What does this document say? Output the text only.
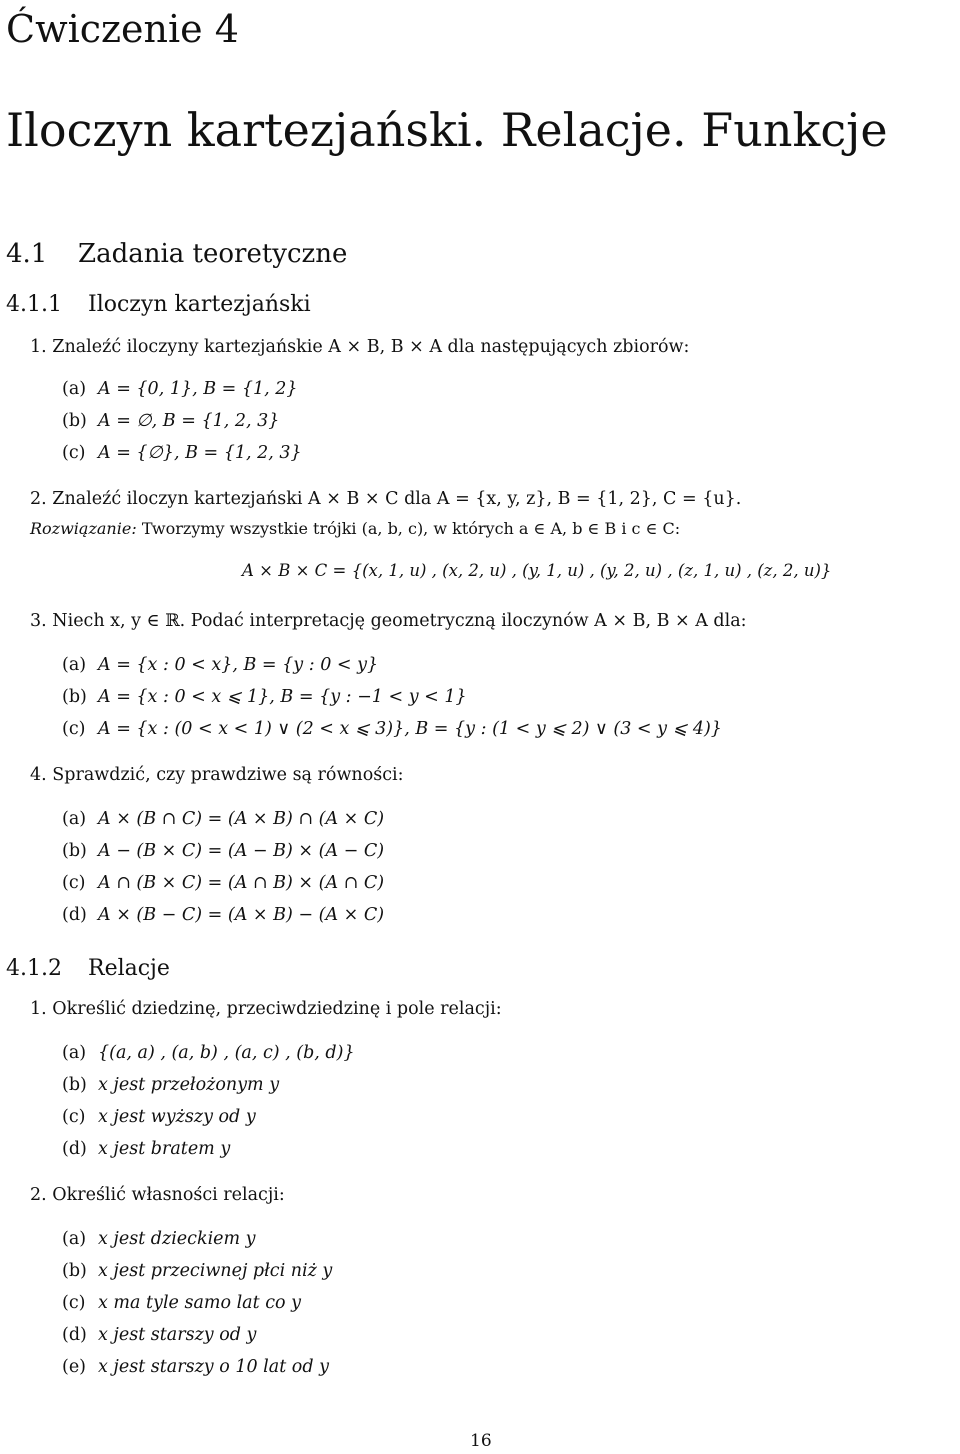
Ćwiczenie 4
Iloczyn kartezjański. Relacje. Funkcje
4.1 Zadania teoretyczne
4.1.1 Iloczyn kartezjański
1. Znaleźć iloczyny kartezjańskie A × B, B × A dla następujących zbiorów:
(a) A = {0, 1}, B = {1, 2}
(b) A = ∅, B = {1, 2, 3}
(c) A = {∅}, B = {1, 2, 3}
2. Znaleźć iloczyn kartezjański A × B × C dla A = {x, y, z}, B = {1, 2}, C = {u}.
Rozwiązanie: Tworzymy wszystkie trójki (a, b, c), w których a ∈ A, b ∈ B i c ∈ C:
A × B × C = {(x, 1, u) , (x, 2, u) , (y, 1, u) , (y, 2, u) , (z, 1, u) , (z, 2, u)}
3. Niech x, y ∈ ℝ. Podać interpretację geometryczną iloczynów A × B, B × A dla:
(a) A = {x : 0 < x}, B = {y : 0 < y}
(b) A = {x : 0 < x ⩽ 1}, B = {y : −1 < y < 1}
(c) A = {x : (0 < x < 1) ∨ (2 < x ⩽ 3)}, B = {y : (1 < y ⩽ 2) ∨ (3 < y ⩽ 4)}
4. Sprawdzić, czy prawdziwe są równości:
(a) A × (B ∩ C) = (A × B) ∩ (A × C)
(b) A − (B × C) = (A − B) × (A − C)
(c) A ∩ (B × C) = (A ∩ B) × (A ∩ C)
(d) A × (B − C) = (A × B) − (A × C)
4.1.2 Relacje
1. Określić dziedzinę, przeciwdziedzinę i pole relacji:
(a) {(a, a) , (a, b) , (a, c) , (b, d)}
(b) x jest przełożonym y
(c) x jest wyższy od y
(d) x jest bratem y
2. Określić własności relacji:
(a) x jest dzieckiem y
(b) x jest przeciwnej płci niż y
(c) x ma tyle samo lat co y
(d) x jest starszy od y
(e) x jest starszy o 10 lat od y
16
